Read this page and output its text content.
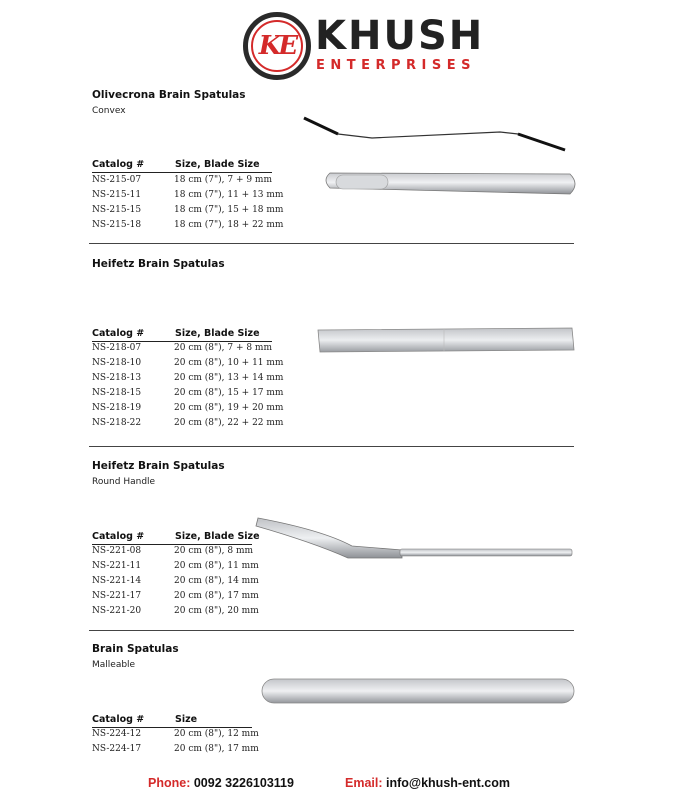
KE KHUSH
ENTERPRISES
Olivecrona Brain Spatulas
Convex
Catalog #	Size, Blade Size
NS-215-07	18 cm (7"), 7 + 9 mm
NS-215-11	18 cm (7"), 11 + 13 mm
NS-215-15	18 cm (7"), 15 + 18 mm
NS-215-18	18 cm (7"), 18 + 22 mm
Heifetz Brain Spatulas
Catalog #	Size, Blade Size
NS-218-07	20 cm (8"), 7 + 8 mm
NS-218-10	20 cm (8"), 10 + 11 mm
NS-218-13	20 cm (8"), 13 + 14 mm
NS-218-15	20 cm (8"), 15 + 17 mm
NS-218-19	20 cm (8"), 19 + 20 mm
NS-218-22	20 cm (8"), 22 + 22 mm
Heifetz Brain Spatulas
Round Handle
Catalog #	Size, Blade Size
NS-221-08	20 cm (8"), 8 mm
NS-221-11	20 cm (8"), 11 mm
NS-221-14	20 cm (8"), 14 mm
NS-221-17	20 cm (8"), 17 mm
NS-221-20	20 cm (8"), 20 mm
Brain Spatulas
Malleable
Catalog #	Size
NS-224-12	20 cm (8"), 12 mm
NS-224-17	20 cm (8"), 17 mm
Phone: 0092 3226103119	Email: info@khush-ent.com
